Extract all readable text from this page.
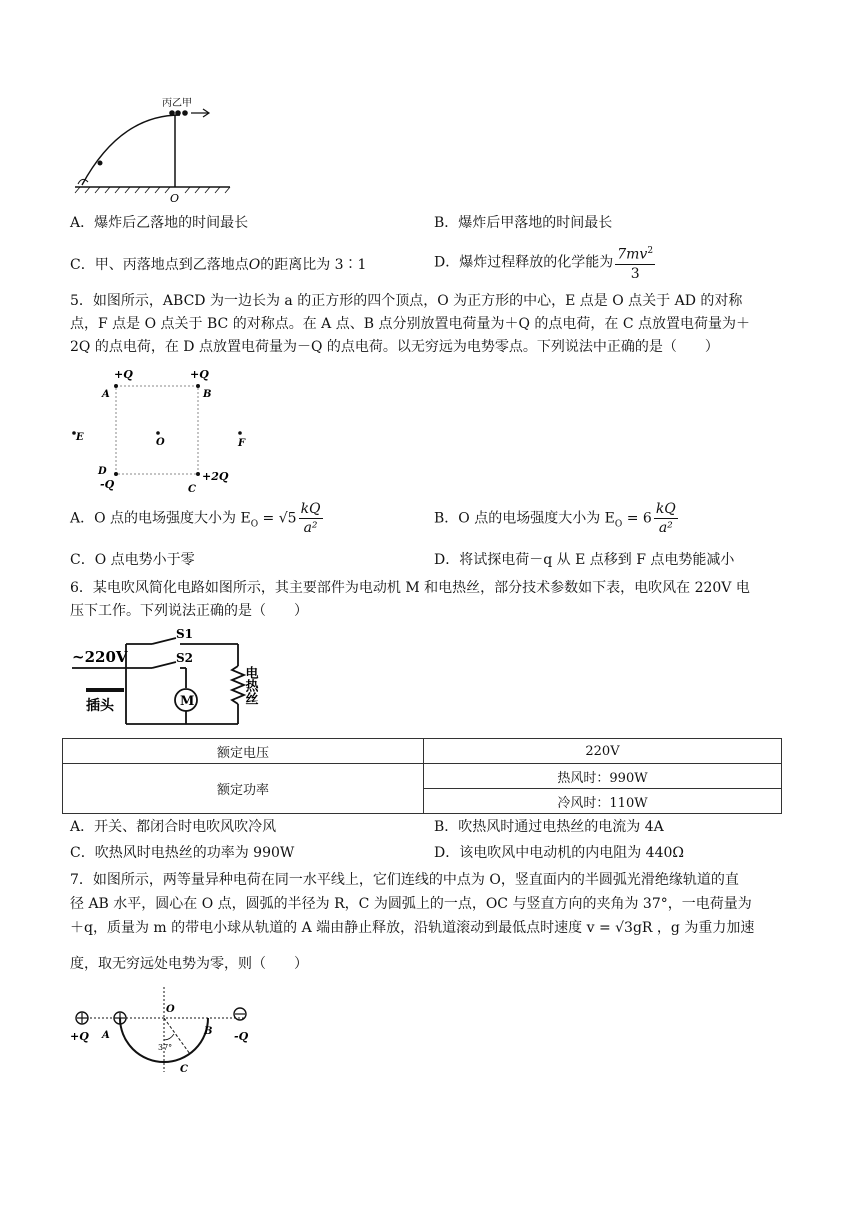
丙乙甲
O
A．爆炸后乙落地的时间最长	B．爆炸后甲落地的时间最长
C．甲、丙落地点到乙落地点O的距离比为 3∶1	D．爆炸过程释放的化学能为 $\frac{7mv^2}{3}$
5．如图所示，ABCD 为一边长为 a 的正方形的四个顶点，O 为正方形的中心，E 点是 O 点关于 AD 的对称
点，F 点是 O 点关于 BC 的对称点。在 A 点、B 点分别放置电荷量为＋Q 的点电荷，在 C 点放置电荷量为＋
2Q 的点电荷，在 D 点放置电荷量为－Q 的点电荷。以无穷远为电势零点。下列说法中正确的是（　　）
+Q	+Q
A	B
E	O	F
D	+2Q
-Q	C
A．O 点的电场强度大小为 $E_O = √5 \frac{kQ}{\text{a²}}$	B．O 点的电场强度大小为 $E_O = 6 \frac{kQ}{\text{a²}}$
C．O 点电势小于零	D．将试探电荷－q 从 E 点移到 F 点电势能减小
6．某电吹风简化电路如图所示，其主要部件为电动机 M 和电热丝，部分技术参数如下表，电吹风在 220V 电
压下工作。下列说法正确的是（　　）
~220V
S1
S2
插头	M	电热丝
额定电压	220V
额定功率	热风时：990W
	冷风时：110W
A．开关、都闭合时电吹风吹冷风	B．吹热风时通过电热丝的电流为 4A
C．吹热风时电热丝的功率为 990W	D．该电吹风中电动机的内电阻为 440Ω
7．如图所示，两等量异种电荷在同一水平线上，它们连线的中点为 O，竖直面内的半圆弧光滑绝缘轨道的直
径 AB 水平，圆心在 O 点，圆弧的半径为 R，C 为圆弧上的一点，OC 与竖直方向的夹角为 37°，一电荷量为
＋q，质量为 m 的带电小球从轨道的 A 端由静止释放，沿轨道滚动到最低点时速度 v = √3gR ，g 为重力加速
度，取无穷远处电势为零，则（　　）
+Q	-Q
A	B
C
O
37°
